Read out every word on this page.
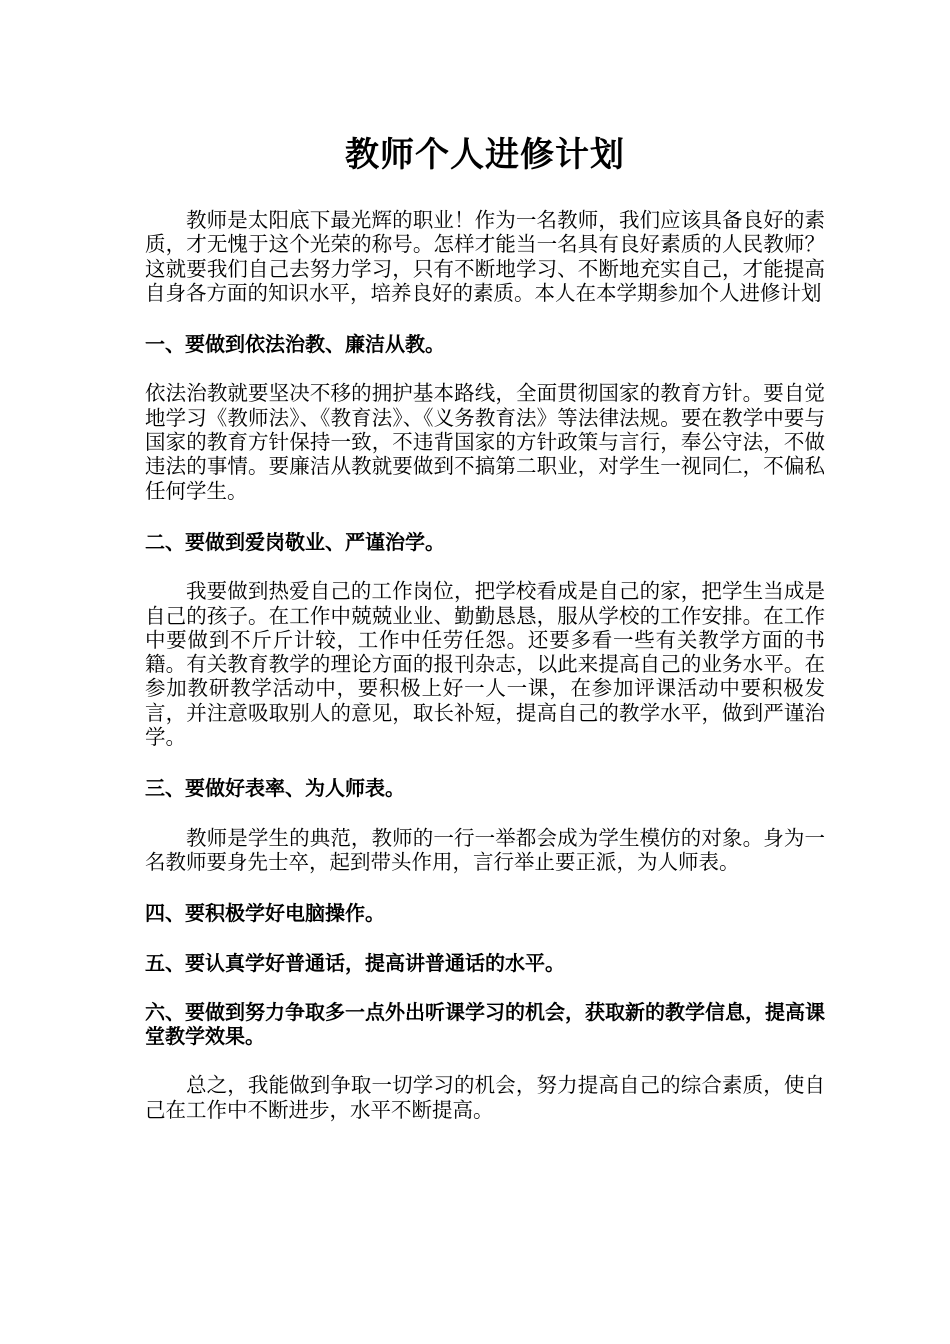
教师个人进修计划

教师是太阳底下最光辉的职业！作为一名教师，我们应该具备良好的素质，才无愧于这个光荣的称号。怎样才能当一名具有良好素质的人民教师？这就要我们自己去努力学习，只有不断地学习、不断地充实自己，才能提高自身各方面的知识水平，培养良好的素质。本人在本学期参加个人进修计划

一、要做到依法治教、廉洁从教。

依法治教就要坚决不移的拥护基本路线，全面贯彻国家的教育方针。要自觉地学习《教师法》、《教育法》、《义务教育法》等法律法规。要在教学中要与国家的教育方针保持一致，不违背国家的方针政策与言行，奉公守法，不做违法的事情。要廉洁从教就要做到不搞第二职业，对学生一视同仁，不偏私任何学生。

二、要做到爱岗敬业、严谨治学。

我要做到热爱自己的工作岗位，把学校看成是自己的家，把学生当成是自己的孩子。在工作中兢兢业业、勤勤恳恳，服从学校的工作安排。在工作中要做到不斤斤计较，工作中任劳任怨。还要多看一些有关教学方面的书籍。有关教育教学的理论方面的报刊杂志，以此来提高自己的业务水平。在参加教研教学活动中，要积极上好一人一课，在参加评课活动中要积极发言，并注意吸取别人的意见，取长补短，提高自己的教学水平，做到严谨治学。

三、要做好表率、为人师表。

教师是学生的典范，教师的一行一举都会成为学生模仿的对象。身为一名教师要身先士卒，起到带头作用，言行举止要正派，为人师表。

四、要积极学好电脑操作。

五、要认真学好普通话，提高讲普通话的水平。

六、要做到努力争取多一点外出听课学习的机会，获取新的教学信息，提高课堂教学效果。

总之，我能做到争取一切学习的机会，努力提高自己的综合素质，使自己在工作中不断进步，水平不断提高。
